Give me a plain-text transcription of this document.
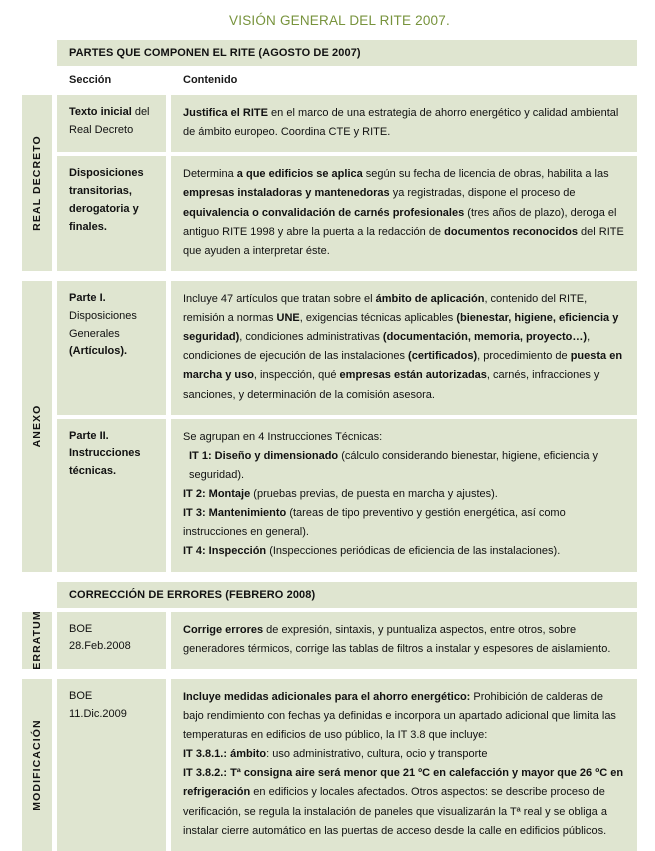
VISIÓN GENERAL DEL RITE 2007.
PARTES QUE COMPONEN EL RITE (AGOSTO DE 2007)
Sección	Contenido
REAL DECRETO
Texto inicial del
Real Decreto
Justifica el RITE en el marco de una estrategia de ahorro energético y calidad ambiental de ámbito europeo. Coordina CTE y RITE.
Disposiciones transitorias, derogatoria y finales.
Determina a que edificios se aplica según su fecha de licencia de obras, habilita a las empresas instaladoras y mantenedoras ya registradas, dispone el proceso de equivalencia o convalidación de carnés profesionales (tres años de plazo), deroga el antiguo RITE 1998 y abre la puerta a la redacción de documentos reconocidos del RITE que ayuden a interpretar éste.
ANEXO
Parte I.
Disposiciones
Generales
(Artículos).
Incluye 47 artículos que tratan sobre el ámbito de aplicación, contenido del RITE, remisión a normas UNE, exigencias técnicas aplicables (bienestar, higiene, eficiencia y seguridad), condiciones administrativas (documentación, memoria, proyecto…), condiciones de ejecución de las instalaciones (certificados), procedimiento de puesta en marcha y uso, inspección, qué empresas están autorizadas, carnés, infracciones y sanciones, y determinación de la comisión asesora.
Parte II.
Instrucciones
técnicas.
Se agrupan en 4 Instrucciones Técnicas:
IT 1: Diseño y dimensionado (cálculo considerando bienestar, higiene, eficiencia y seguridad).
IT 2: Montaje (pruebas previas, de puesta en marcha y ajustes).
IT 3: Mantenimiento (tareas de tipo preventivo y gestión energética, así como instrucciones en general).
IT 4: Inspección (Inspecciones periódicas de eficiencia de las instalaciones).
CORRECCIÓN DE ERRORES (FEBRERO 2008)
ERRATUM	BOE
28.Feb.2008
Corrige errores de expresión, sintaxis, y puntualiza aspectos, entre otros, sobre generadores térmicos, corrige las tablas de filtros a instalar y espesores de aislamiento.
MODIFICACIÓN
BOE
11.Dic.2009
Incluye medidas adicionales para el ahorro energético: Prohibición de calderas de bajo rendimiento con fechas ya definidas e incorpora un apartado adicional que limita las temperaturas en edificios de uso público, la IT 3.8 que incluye:
IT 3.8.1.: ámbito: uso administrativo, cultura, ocio y transporte
IT 3.8.2.: Tª consigna aire será menor que 21 ºC en calefacción y mayor que 26 ºC en refrigeración en edificios y locales afectados. Otros aspectos: se describe proceso de verificación, se regula la instalación de paneles que visualizarán la Tª real y se obliga a instalar cierre automático en las puertas de acceso desde la calle en edificios públicos.
